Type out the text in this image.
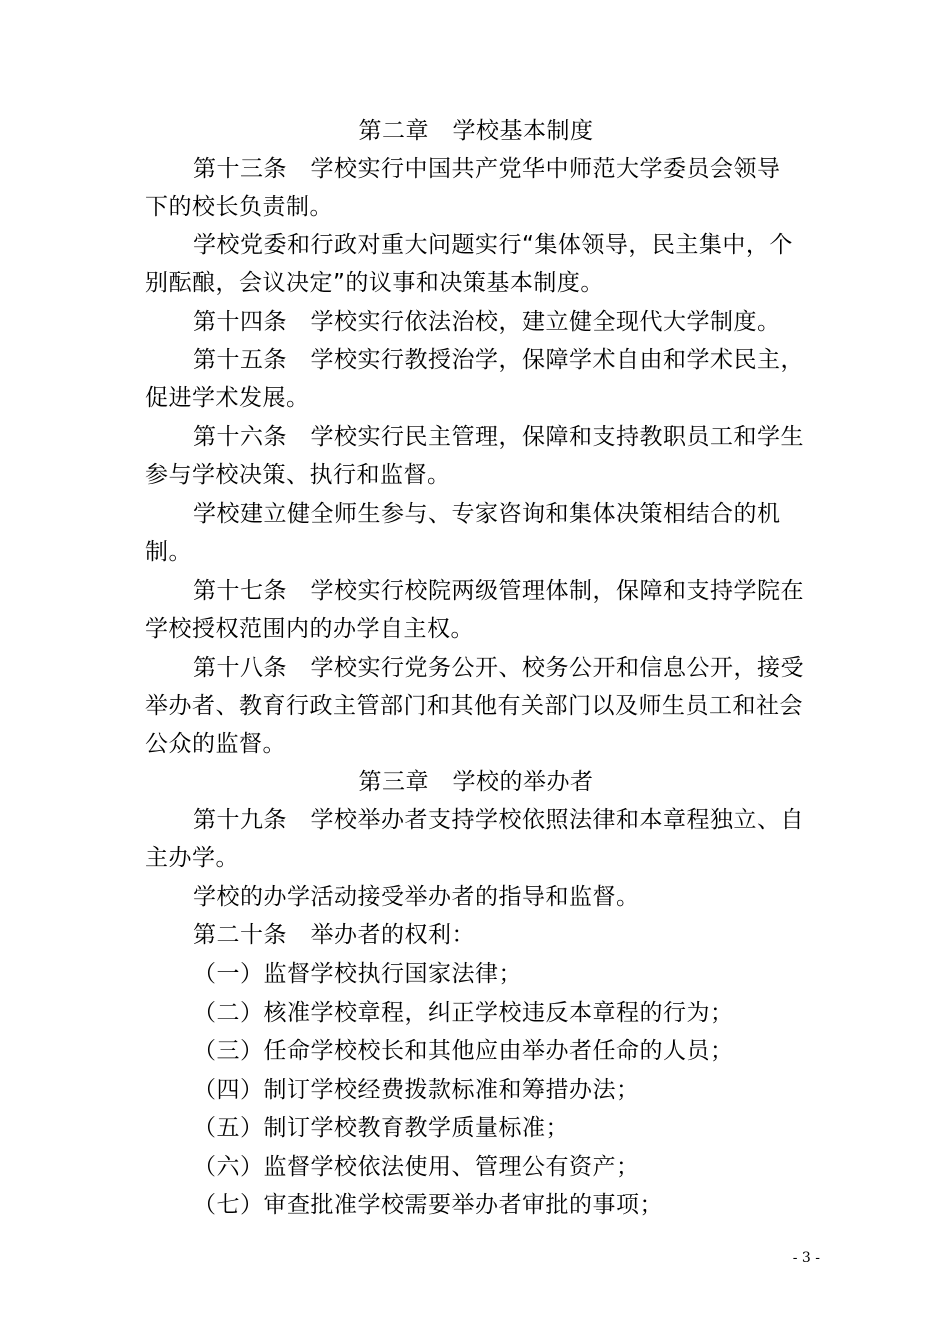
第二章　学校基本制度
第十三条　学校实行中国共产党华中师范大学委员会领导
下的校长负责制。
学校党委和行政对重大问题实行“集体领导，民主集中，个
别酝酿，会议决定”的议事和决策基本制度。
第十四条　学校实行依法治校，建立健全现代大学制度。
第十五条　学校实行教授治学，保障学术自由和学术民主，
促进学术发展。
第十六条　学校实行民主管理，保障和支持教职员工和学生
参与学校决策、执行和监督。
学校建立健全师生参与、专家咨询和集体决策相结合的机
制。
第十七条　学校实行校院两级管理体制，保障和支持学院在
学校授权范围内的办学自主权。
第十八条　学校实行党务公开、校务公开和信息公开，接受
举办者、教育行政主管部门和其他有关部门以及师生员工和社会
公众的监督。
第三章　学校的举办者
第十九条　学校举办者支持学校依照法律和本章程独立、自
主办学。
学校的办学活动接受举办者的指导和监督。
第二十条　举办者的权利：
（一）监督学校执行国家法律；
（二）核准学校章程，纠正学校违反本章程的行为；
（三）任命学校校长和其他应由举办者任命的人员；
（四）制订学校经费拨款标准和筹措办法；
（五）制订学校教育教学质量标准；
（六）监督学校依法使用、管理公有资产；
（七）审查批准学校需要举办者审批的事项；
- 3 -
